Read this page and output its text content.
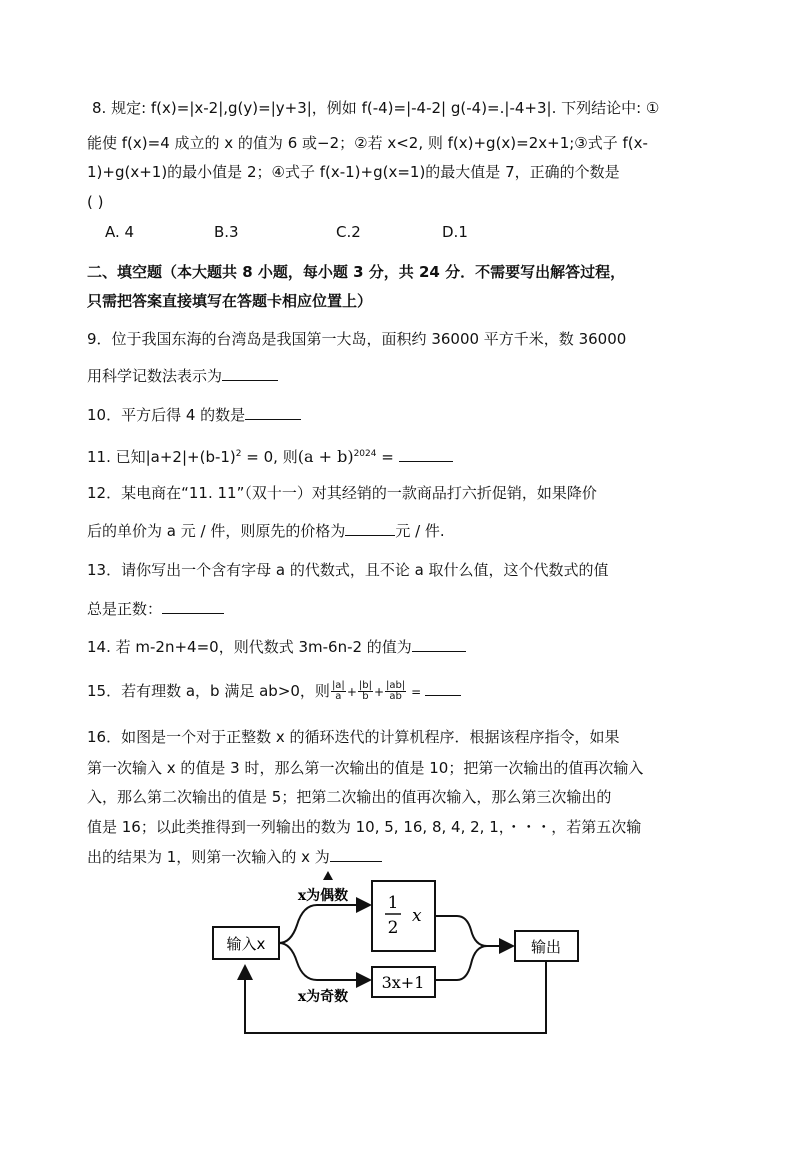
8. 规定: f(x)=|x-2|,g(y)=|y+3|，例如 f(-4)=|-4-2| g(-4)=.|-4+3|. 下列结论中: ①
能使 f(x)=4 成立的 x 的值为 6 或−2；②若 x<2, 则 f(x)+g(x)=2x+1;③式子 f(x-
1)+g(x+1)的最小值是 2；④式子 f(x-1)+g(x=1)的最大值是 7，正确的个数是
( )
A. 4	B.3	C.2	D.1
二、填空题（本大题共 8 小题，每小题 3 分，共 24 分．不需要写出解答过程，
只需把答案直接填写在答题卡相应位置上）
9．位于我国东海的台湾岛是我国第一大岛，面积约 36000 平方千米，数 36000
用科学记数法表示为
10．平方后得 4 的数是
11. 已知$|a+2|+(b-1)^2 = 0$, 则$(a + b)^{2024}$ =
12．某电商在“11. 11”（双十一）对其经销的一款商品打六折促销，如果降价
后的单价为 a 元 / 件，则原先的价格为	元 / 件.
13．请你写出一个含有字母 a 的代数式，且不论 a 取什么值，这个代数式的值
总是正数：
14. 若 m-2n+4=0，则代数式 3m-6n-2 的值为
15．若有理数 a，b 满足 ab>0，则 $\frac{|a|}{a} + \frac{|b|}{b} + \frac{|ab|}{ab}$ =
16．如图是一个对于正整数 x 的循环迭代的计算机程序．根据该程序指令，如果
第一次输入 x 的值是 3 时，那么第一次输出的值是 10；把第一次输出的值再次输入
入，那么第二次输出的值是 5；把第二次输出的值再次输入，那么第三次输出的
值是 16；以此类推得到一列输出的数为 10, 5, 16, 8, 4, 2, 1，・・・，若第五次输
出的结果为 1，则第一次输入的 x 为
输入x
x为偶数
x为奇数
1
2
x
3x+1
输出
